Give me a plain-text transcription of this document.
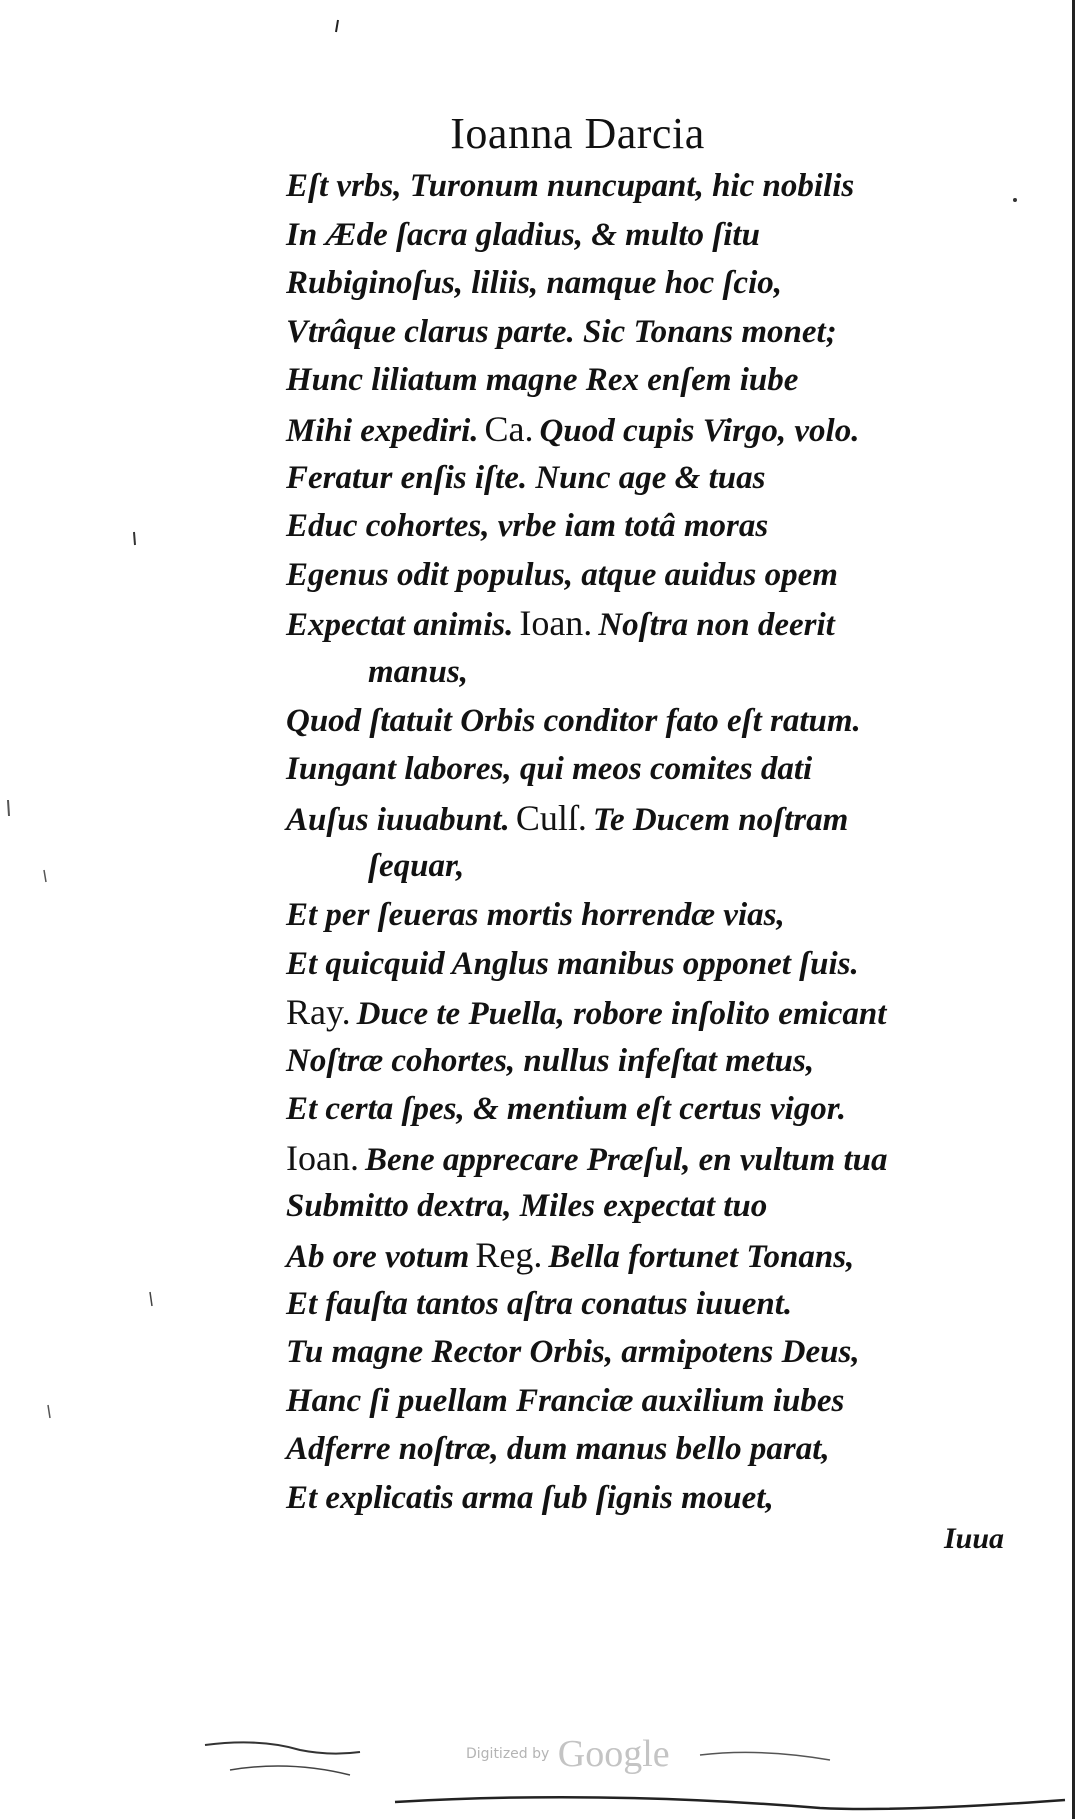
Ioanna Darcia
Eſt vrbs, Turonum nuncupant, hic nobilis
In Æde ſacra gladius, & multo ſitu
Rubiginoſus, liliis, namque hoc ſcio,
Vtrâque clarus parte. Sic Tonans monet;
Hunc liliatum magne Rex enſem iube
Mihi expediri. Ca. Quod cupis Virgo, volo.
Feratur enſis iſte. Nunc age & tuas
Educ cohortes, vrbe iam totâ moras
Egenus odit populus, atque auidus opem
Expectat animis. Ioan. Noſtra non deerit
manus,
Quod ſtatuit Orbis conditor fato eſt ratum.
Iungant labores, qui meos comites dati
Auſus iuuabunt. Culſ. Te Ducem noſtram
ſequar,
Et per ſeueras mortis horrendæ vias,
Et quicquid Anglus manibus opponet ſuis.
Ray. Duce te Puella, robore inſolito emicant
Noſtræ cohortes, nullus infeſtat metus,
Et certa ſpes, & mentium eſt certus vigor.
Ioan. Bene apprecare Præſul, en vultum tua
Submitto dextra, Miles expectat tuo
Ab ore votum Reg. Bella fortunet Tonans,
Et fauſta tantos aſtra conatus iuuent.
Tu magne Rector Orbis, armipotens Deus,
Hanc ſi puellam Franciæ auxilium iubes
Adferre noſtræ, dum manus bello parat,
Et explicatis arma ſub ſignis mouet,
Iuua
Digitized by Google
